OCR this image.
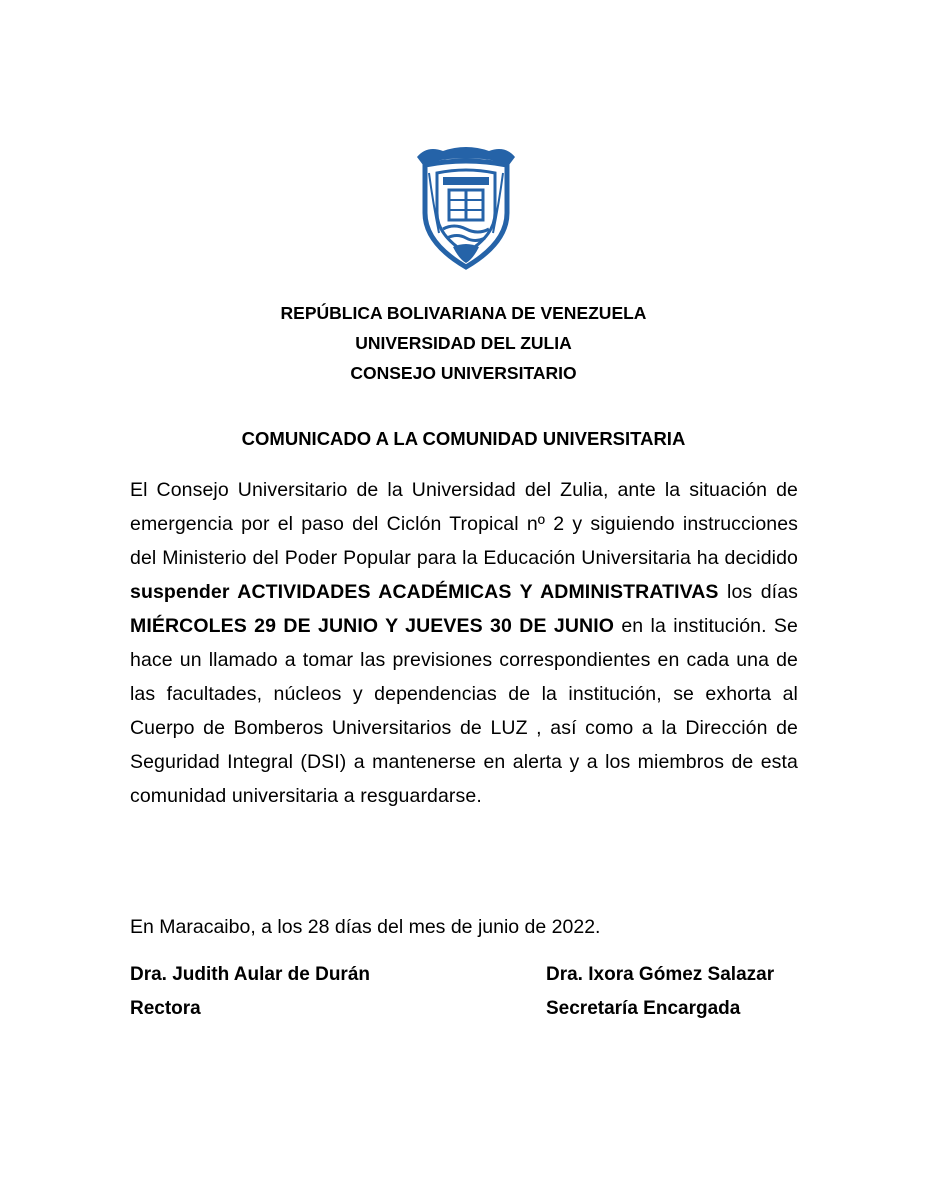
REPÚBLICA BOLIVARIANA DE VENEZUELA
UNIVERSIDAD DEL ZULIA
CONSEJO UNIVERSITARIO
COMUNICADO A LA COMUNIDAD UNIVERSITARIA
El Consejo Universitario de la Universidad del Zulia, ante la situación de emergencia por el paso del Ciclón Tropical nº 2 y siguiendo instrucciones del Ministerio del Poder Popular para la Educación Universitaria ha decidido suspender ACTIVIDADES ACADÉMICAS Y ADMINISTRATIVAS los días MIÉRCOLES 29 DE JUNIO Y JUEVES 30 DE JUNIO en la institución. Se hace un llamado a tomar las previsiones correspondientes en cada una de las facultades, núcleos y dependencias de la institución, se exhorta al Cuerpo de Bomberos Universitarios de LUZ , así como a la Dirección de Seguridad Integral (DSI) a mantenerse en alerta y a los miembros de esta comunidad universitaria a resguardarse.
En Maracaibo, a los 28 días del mes de junio de 2022.
Dra. Judith Aular de Durán
Rectora
Dra. Ixora Gómez Salazar
Secretaría Encargada
